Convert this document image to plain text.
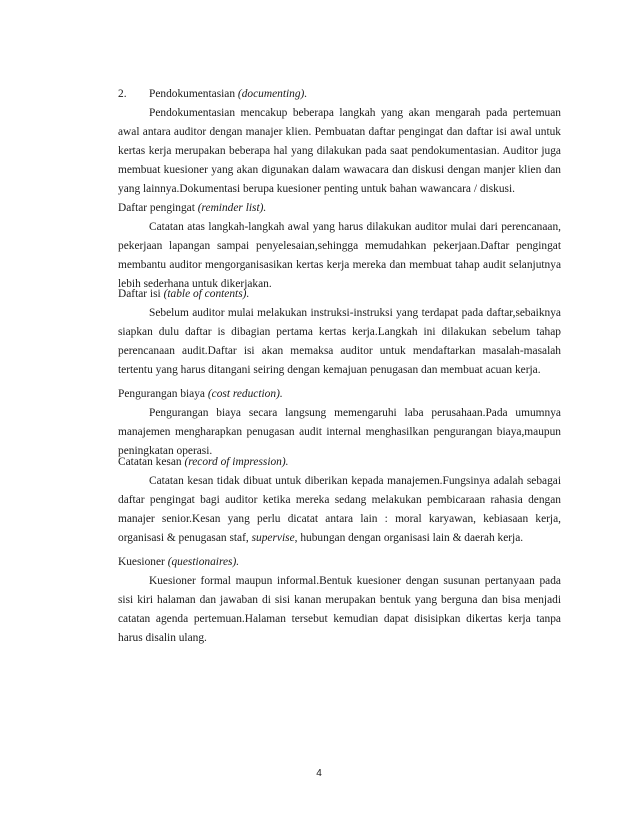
2. Pendokumentasian (documenting).
Pendokumentasian mencakup beberapa langkah yang akan mengarah pada pertemuan awal antara auditor dengan manajer klien. Pembuatan daftar pengingat dan daftar isi awal untuk kertas kerja merupakan beberapa hal yang dilakukan pada saat pendokumentasian. Auditor juga membuat kuesioner yang akan digunakan dalam wawacara dan diskusi dengan manjer klien dan yang lainnya.Dokumentasi berupa kuesioner penting untuk bahan wawancara / diskusi.
Daftar pengingat (reminder list).
Catatan atas langkah-langkah awal yang harus dilakukan auditor mulai dari perencanaan, pekerjaan lapangan sampai penyelesaian,sehingga memudahkan pekerjaan.Daftar pengingat membantu auditor mengorganisasikan kertas kerja mereka dan membuat tahap audit selanjutnya lebih sederhana untuk dikerjakan.
Daftar isi (table of contents).
Sebelum auditor mulai melakukan instruksi-instruksi yang terdapat pada daftar,sebaiknya siapkan dulu daftar is dibagian pertama kertas kerja.Langkah ini dilakukan sebelum tahap perencanaan audit.Daftar isi akan memaksa auditor untuk mendaftarkan masalah-masalah tertentu yang harus ditangani seiring dengan kemajuan penugasan dan membuat acuan kerja.
Pengurangan biaya (cost reduction).
Pengurangan biaya secara langsung memengaruhi laba perusahaan.Pada umumnya manajemen mengharapkan penugasan audit internal menghasilkan pengurangan biaya,maupun peningkatan operasi.
Catatan kesan (record of impression).
Catatan kesan tidak dibuat untuk diberikan kepada manajemen.Fungsinya adalah sebagai daftar pengingat bagi auditor ketika mereka sedang melakukan pembicaraan rahasia dengan manajer senior.Kesan yang perlu dicatat antara lain : moral karyawan, kebiasaan kerja, organisasi & penugasan staf, supervise, hubungan dengan organisasi lain & daerah kerja.
Kuesioner (questionaires).
Kuesioner formal maupun informal.Bentuk kuesioner dengan susunan pertanyaan pada sisi kiri halaman dan jawaban di sisi kanan merupakan bentuk yang berguna dan bisa menjadi catatan agenda pertemuan.Halaman tersebut kemudian dapat disisipkan dikertas kerja tanpa harus disalin ulang.
4
